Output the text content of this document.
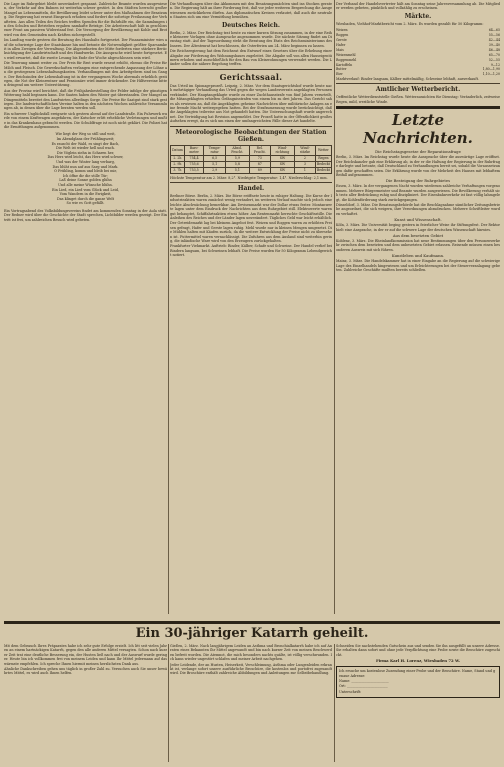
Die Lage im Ruhrgebiet bleibt unverändert gespannt. Zahlreiche Beamte wurden ausgewiesen, der Verkehr auf den Bahnen ist weiterhin schwer gestört. In den Städten herrscht großer Mangel an Lebensmitteln, die Bevölkerung leidet schwer unter den Maßnahmen der Besatzung. Die Regierung hat erneut Einspruch erhoben und fordert die sofortige Freilassung der Verhafteten. Aus allen Teilen des Reiches treffen Spenden für die Ruhrhilfe ein, die Sammlungen in den Schulen und Betrieben ergaben namhafte Beträge. Die Arbeiterschaft hält in geschlossener Front am passiven Widerstand fest. Die Versorgung der Bevölkerung mit Kohle und Brot wird von den Gemeinden nach Kräften sichergestellt.

Im Landtag wurde gestern die Beratung des Haushalts fortgesetzt. Der Finanzminister wies auf die schwierige Lage der Staatskasse hin und betonte die Notwendigkeit größter Sparsamkeit in allen Zweigen der Verwaltung. Die Abgeordneten der Mitte forderten eine stärkere Berücksichtigung der Landwirtschaft und des Handwerks. Die Aussprache wird heute fortgesetzt. Es wird erwartet, daß die zweite Lesung bis Ende der Woche abgeschlossen sein wird.

Die Teuerung nimmt weiter zu. Der Preis für Brot wurde erneut erhöht, ebenso die Preise für Milch und Fleisch. Die Gewerkschaften verlangen eine entsprechende Anpassung der Löhne an die gestiegenen Lebenshaltungskosten. Verhandlungen mit den Arbeitgebern sind im Gange. Der Reichsindex der Lebenshaltung ist in der vergangenen Woche abermals erheblich gestiegen, die Not der Kleinrentner und Pensionäre wird immer drückender. Die Hilfsvereine bitten dringend um weitere Unterstützung.

Aus der Provinz wird berichtet, daß die Frühjahrsbestellung der Felder infolge der günstigen Witterung bald beginnen kann. Die Saaten haben den Winter gut überstanden. Der Mangel an Düngemitteln bereitet den Landwirten allerdings Sorge. Die Preise für Saatgut sind stark gestiegen. Die landwirtschaftlichen Vereine halten in den nächsten Wochen zahlreiche Versammlungen ab, in denen über die Lage beraten werden soll.

Ein schwerer Unglücksfall ereignete sich gestern abend auf der Landstraße. Ein Fuhrwerk wurde von einem Kraftwagen angefahren, der Kutscher erlitt erhebliche Verletzungen und mußte in das Krankenhaus gebracht werden. Die Schuldfrage ist noch nicht geklärt. Die Polizei hat die Ermittlungen aufgenommen.

Wie liegt der Weg so still und weit,
Im Abendglanz der Frühlingszeit;
Es rauscht der Wald, es singt der Bach,
Die Welt ist wieder hell und wach.
Die Vöglein ziehn in Scharen her,
Das Herz wird leicht, das Herz wird schwer,
Und was der Winter lang verbarg,
Das blüht nun auf aus Sarg und Mark.
O Frühling, komm und bleib bei mir,
Ich öffne dir die stille Tür;
Laß deine Sonne golden glühn
Und alle meine Wünsche blühn.
Ein Lied, ein Lied vom Glück und Leid,
Vom Wandern in die Ewigkeit,
Das klinget durch die ganze Welt
So wie es Gott gefällt.

Ein Vortragsabend des Volksbildungsvereins findet am kommenden Sonntag in der Aula statt. Der Redner wird über die Geschichte der Stadt sprechen, Lichtbilder werden gezeigt. Der Eintritt ist frei, um zahlreichen Besuch wird gebeten.

Die Verhandlungen über das Abkommen mit den Besatzungsmächten sind ins Stocken geraten. Die Regierung hält an ihrer Forderung fest, daß vor jeder weiteren Besprechung die Ausgewiesenen zurückkehren dürfen. Aus diplomatischen Kreisen verlautet, daß auch die neutralen Staaten sich um eine Vermittlung bemühen.

Deutsches Reich.

Berlin, 2. März. Der Reichstag trat heute zu einer kurzen Sitzung zusammen, in der eine Reihe kleinerer Vorlagen ohne Aussprache angenommen wurde. Die nächste Sitzung findet am Dienstag statt. Auf der Tagesordnung steht die Beratung des Etats des Reichsministeriums des Innern. Der Ältestenrat hat beschlossen, die Osterferien am 24. März beginnen zu lassen.

Die Reichsregierung hat dem Reichsrat den Entwurf eines Gesetzes über die Erhebung einer Abgabe zur Förderung des Wohnungsbaues zugeleitet. Die Abgabe soll von allen Hauseigentümern erhoben und ausschließlich für den Bau von Kleinwohnungen verwendet werden. Die Länder sollen die nähere Regelung treffen.

Gerichtssaal.

Das Urteil im Spionageprozeß. Leipzig, 2. März. Vor dem Staatsgerichtshof wurde heute nach mehrtägiger Verhandlung das Urteil gegen die wegen Landesverrats angeklagten Personen verkündet. Der Hauptangeklagte wurde zu einer Zuchthausstrafe von fünf Jahren verurteilt, die Mitangeklagten erhielten Gefängnisstrafen von einem bis zu drei Jahren. Das Gericht sah es als erwiesen an, daß die Angeklagten geheime Nachrichten über militärische Anlagen an eine fremde Macht weitergegeben hatten. Bei der Strafzumessung wurde berücksichtigt, daß die Angeklagten teilweise aus Not gehandelt hatten. Die Untersuchungshaft wurde angerechnet. Die Verteidigung hat Revision angemeldet. Der Prozeß hatte in der Öffentlichkeit großes Aufsehen erregt, da es sich um einen der umfangreichsten Fälle dieser Art handelte.

Meteorologische Beobachtungen der Station Gießen.
Datum	Baro-meter	Tempe-ratur	Absol. Feucht.	Rel. Feucht.	Wind-richtung	Wind-stärke	Wetter
2. 2h	754,4	6,5	5,9	73	SW	2	Regen
2. 9h	755,6	5,1	5,8	87	SW	3	Bedeckt
3. 7h	753,5	2,9	5,1	89	SW	1	Bedeckt

Höchste Temperatur am 2. März: 8,2°. Niedrigste Temperatur: 1,4°. Niederschlag: 2,1 mm.

Handel.

Berliner Börse. Berlin, 2. März. Die Börse eröffnete heute in ruhiger Haltung. Die Kurse der Industrieaktien waren zunächst wenig verändert, im weiteren Verlauf machte sich jedoch eine leichte Abschwächung bemerkbar. Am Devisenmarkt war der Dollar etwas fester. Montanwerte lagen unter dem Eindruck der Nachrichten aus dem Ruhrgebiet still. Elektrowerte waren gut behauptet, Schiffahrtsaktien etwas höher. Am Rentenmarkt herrschte Geschäftsstille. Die Anleihen des Reiches und der Länder lagen unverändert. Tägliches Geld war leicht erhältlich.

Der Getreidemarkt lag bei kleinem Angebot fest. Weizen und Roggen waren zu erhöhten Preisen gefragt, Hafer und Gerste lagen ruhig. Mehl wurde nur in kleinen Mengen umgesetzt. Die Mühlen halten mit Käufen zurück, da die weitere Entwicklung der Preise nicht zu übersehen ist. Futtermittel waren vernachlässigt. Die Zufuhren aus dem Ausland sind weiterhin gering, die inländische Ware wird von den Erzeugern zurückgehalten.

Frankfurter Viehmarkt. Auftrieb: Rinder, Kälber, Schafe und Schweine. Der Handel verlief bei Rindern langsam, bei Schweinen lebhaft. Die Preise wurden für 50 Kilogramm Lebendgewicht notiert.

Der Verband der Handelsvertreter hält am Sonntag seine Jahresversammlung ab. Die Mitglieder werden gebeten, pünktlich und vollzählig zu erscheinen.

Märkte.

Wiesbaden, Viehhof-Marktbericht vom 2. März. Es wurden gezahlt für 50 Kilogramm:

Weizen	64—65
Roggen	55—56
Gerste	42—44
Hafer	39—40
Mais	46—48
Weizenmehl	65—70
Roggenmehl	52—55
Kartoffeln	9—12
Butter	1,80—1,90
Eier	1,10—1,20

Marktverlauf: Rinder langsam, Kälber mittelmäßig, Schweine lebhaft, ausverkauft.

Amtlicher Wetterbericht.

Oeffentliche Wetterdienststelle Gießen. Wetteraussichten für Dienstag: Veränderlich, zeitweise Regen, mild, westliche Winde.

Letzte Nachrichten.
Die Reichstagsgesetze der Reparationsfrage

Berlin, 3. März. Im Reichstag wurde heute die Aussprache über die auswärtige Lage eröffnet. Der Reichskanzler gab eine Erklärung ab, in der er die Haltung der Regierung in der Ruhrfrage darlegte und betonte, daß Deutschland zu Verhandlungen bereit sei, sobald die Voraussetzungen dafür geschaffen seien. Die Erklärung wurde von der Mehrheit des Hauses mit lebhaftem Beifall aufgenommen.

Die Besteigung der Ruhrgebietes

Essen, 3. März. In der vergangenen Nacht wurden wiederum zahlreiche Verhaftungen vorgenommen. Mehrere Bürgermeister und Beamte wurden ausgewiesen. Die Bevölkerung verhält sich trotz aller Bedrückung ruhig und diszipliniert. Der Eisenbahnverkehr ist fast völlig lahmgelegt, die Kohlenförderung stark zurückgegangen.

Düsseldorf, 3. März. Die Besatzungsbehörde hat die Beschlagnahme sämtlicher Zeitungsbetriebe angeordnet, die sich weigern, ihre Verordnungen abzudrucken. Mehrere Schriftleiter wurden verhaftet.

Kunst und Wissenschaft.

Köln, 3. März. Die Universität beging gestern in feierlicher Weise ihr Stiftungsfest. Der Rektor hielt eine Ansprache, in der er auf die schwere Lage der deutschen Wissenschaft hinwies.

Aus dem besetzten Gebiet

Koblenz, 3. März. Die Rheinlandkommission hat neue Bestimmungen über den Personenverkehr zwischen dem besetzten und dem unbesetzten Gebiet erlassen. Reisende müssen einen besonderen Ausweis mit sich führen.

Kunstleben und Kaufmann.

Mainz, 3. März. Die Handelskammer hat in einer Eingabe an die Regierung auf die schwierige Lage des Einzelhandels hingewiesen und um Erleichterungen bei der Steuerveranlagung gebeten. Zahlreiche Geschäfte mußten bereits schließen.

Ein 30-jähriger Katarrh geheilt.

Mit dem Gebrauch Ihres Präparates habe ich sehr gute Erfolge erzielt. Ich litt seit vielen Jahren an einem hartnäckigen Katarrh, gegen den alle anderen Mittel versagten. Schon nach kurzer Zeit trat eine deutliche Besserung ein, der Husten ließ nach und der Auswurf wurde geringer. Heute bin ich vollkommen frei von meinem Leiden und kann Ihr Mittel jedermann auf das wärmste empfehlen. Ich spreche Ihnen hiermit meinen herzlichsten Dank aus.

Ähnliche Dankschreiben gehen uns täglich in großer Zahl zu. Versuchen auch Sie unser bewährtes Mittel, es wird auch Ihnen helfen.

Gießen, 2. März. Nach langjährigem Leiden an Asthma und Bronchialkatarrh habe ich auf Anraten eines Bekannten Ihr Mittel angewandt und bin nach kurzer Zeit von meinen Beschwerden befreit worden. Die Atemnot, die mich besonders nachts quälte, ist völlig verschwunden. Ich kann wieder ungestört schlafen und meiner Arbeit nachgehen.

Jeder Leidende, der an Husten, Heiserkeit, Verschleimung, Asthma oder Lungenleiden erkrankt ist, verlange sofort unsere ausführliche Broschüre, die kostenlos und portofrei zugesandt wird. Die Broschüre enthält zahlreiche Abbildungen und Anleitungen zur Selbstbehandlung.

Schneiden Sie nachstehenden Gutschein aus und senden Sie ihn ausgefüllt an unsere Adresse. Sie erhalten dann sofort und ohne jede Verpflichtung eine Probe sowie die Broschüre zugeschickt.

Firma Karl H. Lorenz, Wiesbaden 72 W.

Ich ersuche um kostenlose Zusendung einer Probe und der Broschüre. Name, Stand und genaue Adresse:

Name: ______________________

Ort: ________________________

Unterschrift:
